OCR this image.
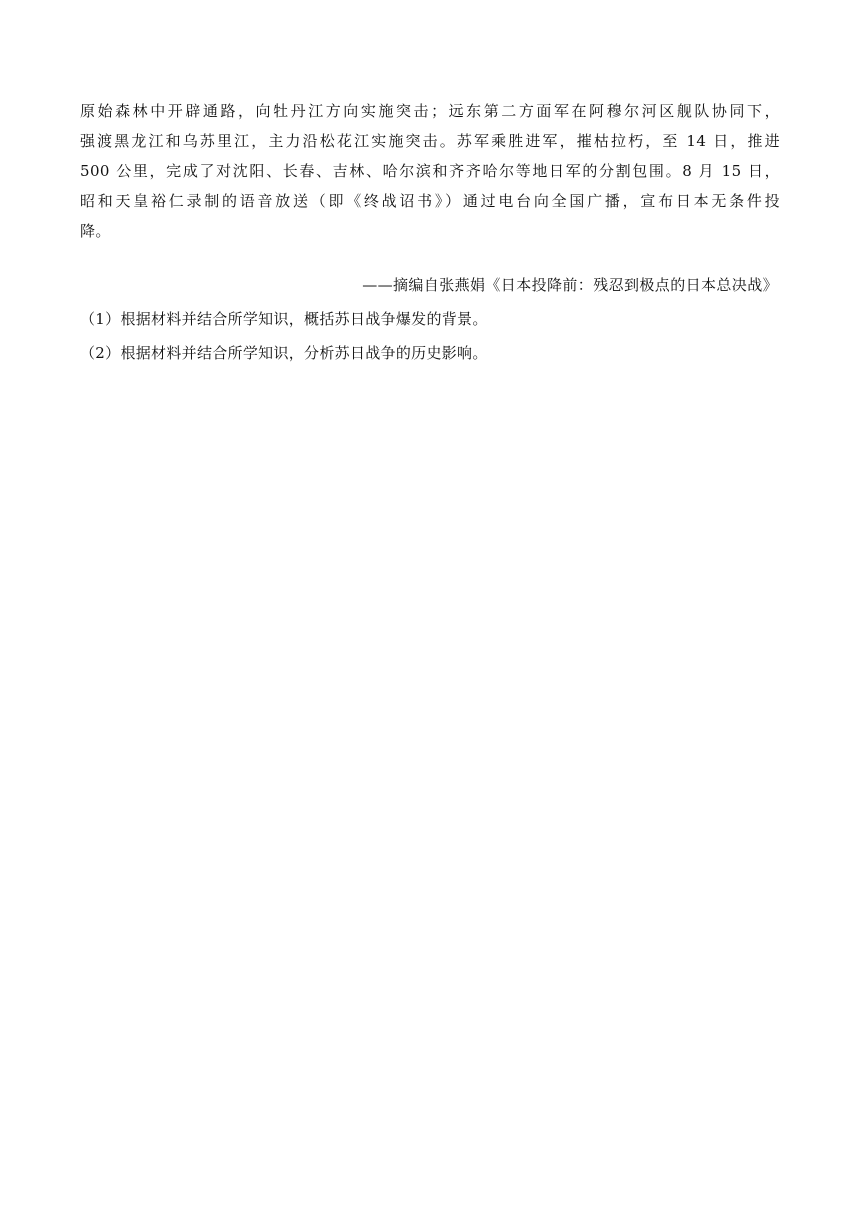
原始森林中开辟通路，向牡丹江方向实施突击；远东第二方面军在阿穆尔河区舰队协同下，
强渡黑龙江和乌苏里江，主力沿松花江实施突击。苏军乘胜进军，摧枯拉朽，至 14 日，推进
500 公里，完成了对沈阳、长春、吉林、哈尔滨和齐齐哈尔等地日军的分割包围。8 月 15 日，
昭和天皇裕仁录制的语音放送（即《终战诏书》）通过电台向全国广播，宣布日本无条件投
降。
——摘编自张燕娟《日本投降前：残忍到极点的日本总决战》
（1）根据材料并结合所学知识，概括苏日战争爆发的背景。
（2）根据材料并结合所学知识，分析苏日战争的历史影响。
